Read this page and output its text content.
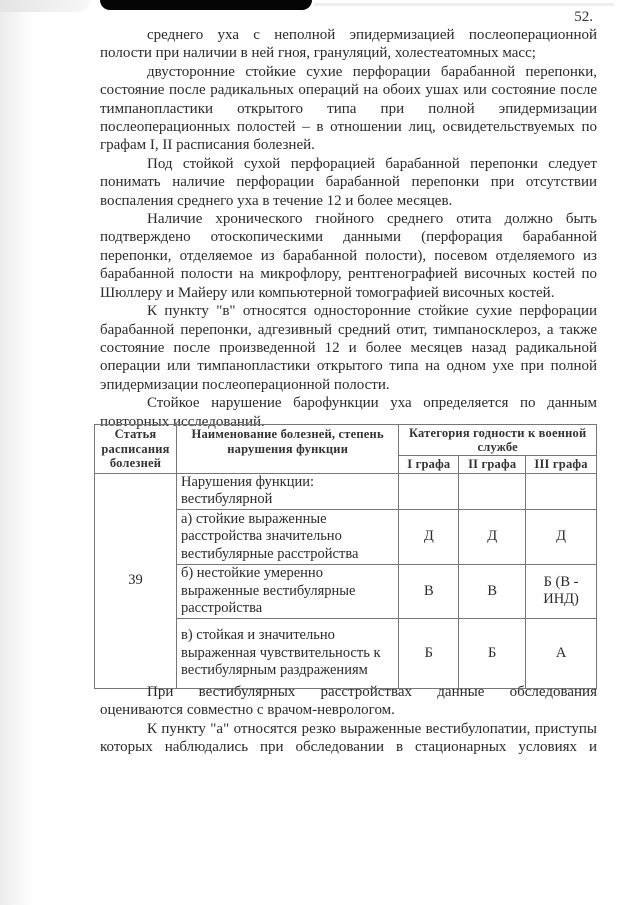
52.

среднего уха с неполной эпидермизацией послеоперационной полости при наличии в ней гноя, грануляций, холестеатомных масс;

двусторонние стойкие сухие перфорации барабанной перепонки, состояние после радикальных операций на обоих ушах или состояние после тимпанопластики открытого типа при полной эпидермизации послеоперационных полостей – в отношении лиц, освидетельствуемых по графам I, II расписания болезней.

Под стойкой сухой перфорацией барабанной перепонки следует понимать наличие перфорации барабанной перепонки при отсутствии воспаления среднего уха в течение 12 и более месяцев.

Наличие хронического гнойного среднего отита должно быть подтверждено отоскопическими данными (перфорация барабанной перепонки, отделяемое из барабанной полости), посевом отделяемого из барабанной полости на микрофлору, рентгенографией височных костей по Шюллеру и Майеру или компьютерной томографией височных костей.

К пункту "в" относятся односторонние стойкие сухие перфорации барабанной перепонки, адгезивный средний отит, тимпаносклероз, а также состояние после произведенной 12 и более месяцев назад радикальной операции или тимпанопластики открытого типа на одном ухе при полной эпидермизации послеоперационной полости.

Стойкое нарушение барофункции уха определяется по данным повторных исследований.

Статья расписания болезней	Наименование болезней, степень нарушения функции	Категория годности к военной службе		
		I графа	II графа	III графа
39	Нарушения функции: вестибулярной			
	а) стойкие выраженные расстройства значительно вестибулярные расстройства	Д	Д	Д
	б) нестойкие умеренно выраженные вестибулярные расстройства	В	В	Б (В - ИНД)
	в) стойкая и значительно выраженная чувствительность к вестибулярным раздражениям	Б	Б	А

При вестибулярных расстройствах данные обследования оцениваются совместно с врачом-неврологом.

К пункту "а" относятся резко выраженные вестибулопатии, приступы которых наблюдались при обследовании в стационарных условиях и
